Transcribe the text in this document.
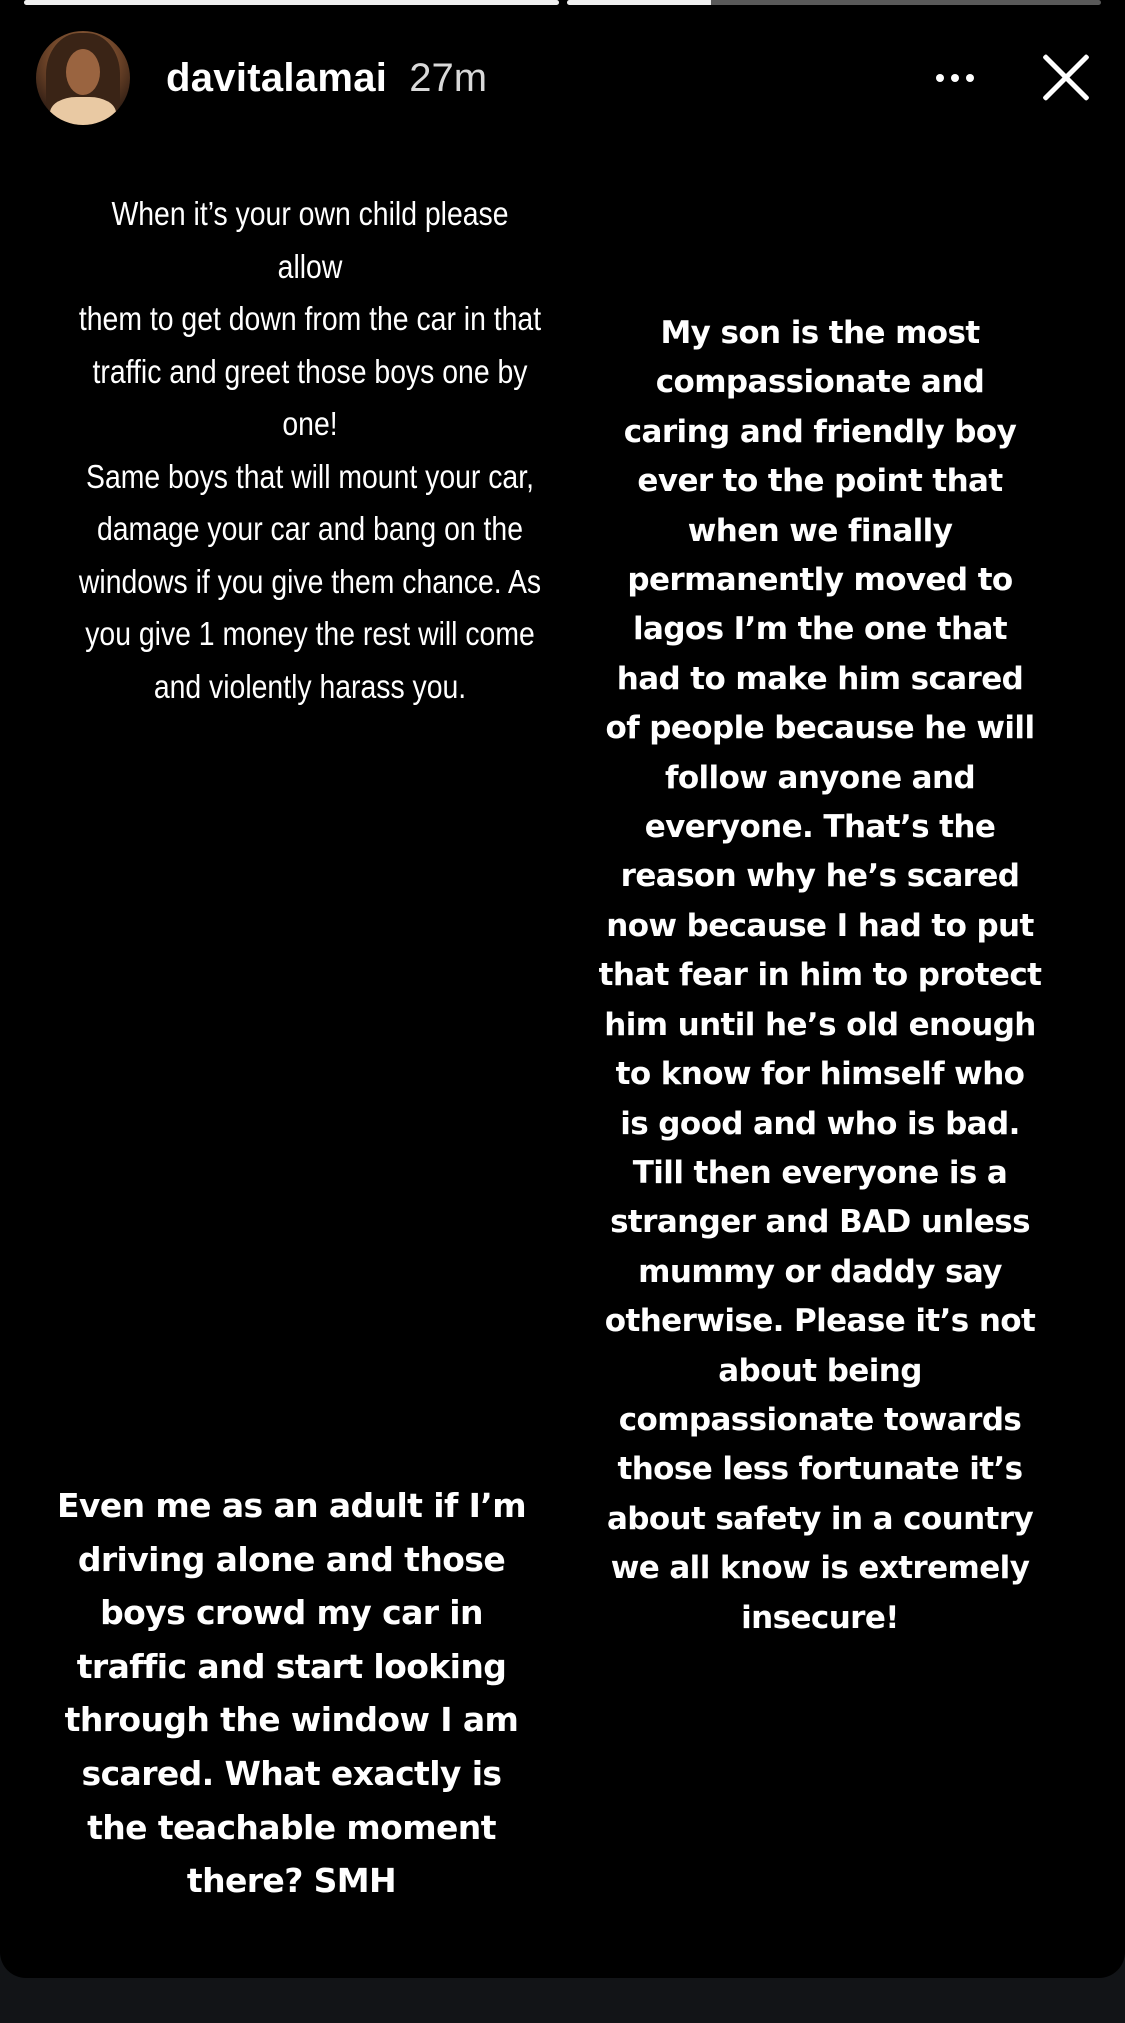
davitalamai 27m
When it’s your own child please allow
them to get down from the car in that
traffic and greet those boys one by
one!
Same boys that will mount your car,
damage your car and bang on the
windows if you give them chance. As
you give 1 money the rest will come
and violently harass you.
My son is the most
compassionate and
caring and friendly boy
ever to the point that
when we finally
permanently moved to
lagos I’m the one that
had to make him scared
of people because he will
follow anyone and
everyone. That’s the
reason why he’s scared
now because I had to put
that fear in him to protect
him until he’s old enough
to know for himself who
is good and who is bad.
Till then everyone is a
stranger and BAD unless
mummy or daddy say
otherwise. Please it’s not
about being
compassionate towards
those less fortunate it’s
about safety in a country
we all know is extremely
insecure!
Even me as an adult if I’m
driving alone and those
boys crowd my car in
traffic and start looking
through the window I am
scared. What exactly is
the teachable moment
there? SMH
